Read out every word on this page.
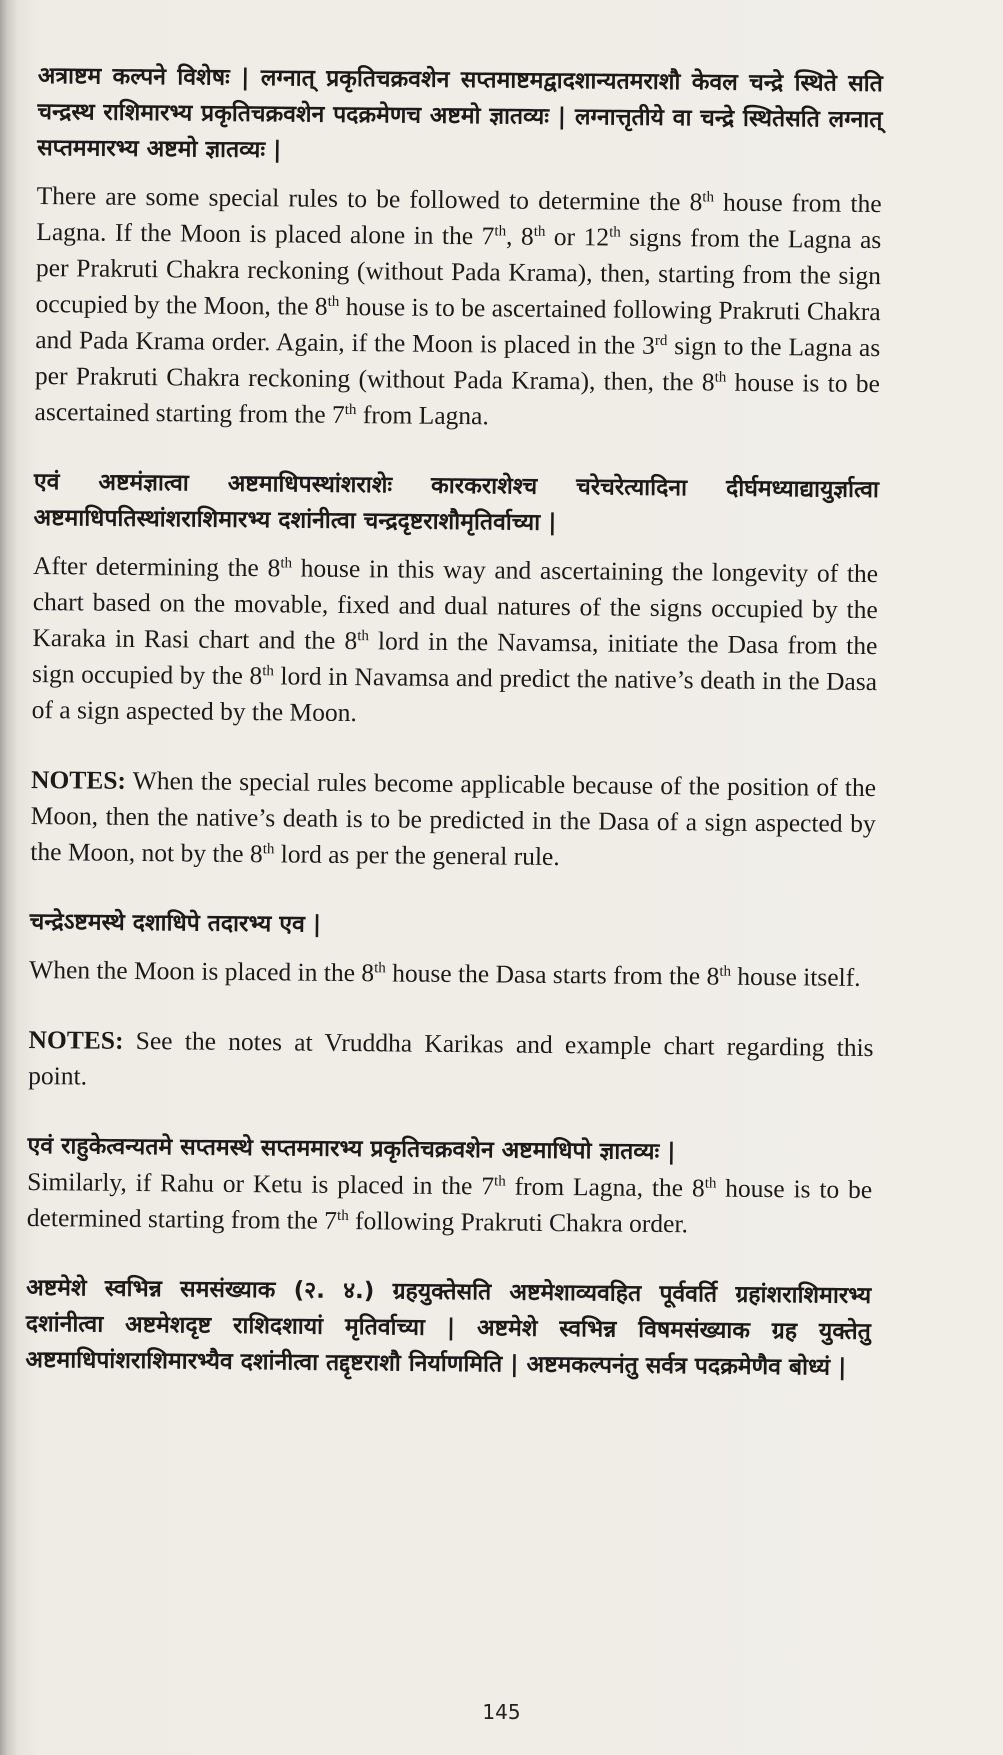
अत्राष्टम कल्पने विशेषः | लग्नात् प्रकृतिचक्रवशेन सप्तमाष्टमद्वादशान्यतमराशौ केवल चन्द्रे स्थिते सति चन्द्रस्थ राशिमारभ्य प्रकृतिचक्रवशेन पदक्रमेणच अष्टमो ज्ञातव्यः | लग्नात्तृतीये वा चन्द्रे स्थितेसति लग्नात् सप्तममारभ्य अष्टमो ज्ञातव्यः |

There are some special rules to be followed to determine the 8th house from the Lagna. If the Moon is placed alone in the 7th, 8th or 12th signs from the Lagna as per Prakruti Chakra reckoning (without Pada Krama), then, starting from the sign occupied by the Moon, the 8th house is to be ascertained following Prakruti Chakra and Pada Krama order. Again, if the Moon is placed in the 3rd sign to the Lagna as per Prakruti Chakra reckoning (without Pada Krama), then, the 8th house is to be ascertained starting from the 7th from Lagna.

एवं अष्टमंज्ञात्वा अष्टमाधिपस्थांशराशेः कारकराशेश्च चरेचरेत्यादिना दीर्घमध्याद्यायुर्ज्ञात्वा अष्टमाधिपतिस्थांशराशिमारभ्य दशांनीत्वा चन्द्रदृष्टराशौमृतिर्वाच्या |

After determining the 8th house in this way and ascertaining the longevity of the chart based on the movable, fixed and dual natures of the signs occupied by the Karaka in Rasi chart and the 8th lord in the Navamsa, initiate the Dasa from the sign occupied by the 8th lord in Navamsa and predict the native’s death in the Dasa of a sign aspected by the Moon.

NOTES: When the special rules become applicable because of the position of the Moon, then the native’s death is to be predicted in the Dasa of a sign aspected by the Moon, not by the 8th lord as per the general rule.

चन्द्रेऽष्टमस्थे दशाधिपे तदारभ्य एव |

When the Moon is placed in the 8th house the Dasa starts from the 8th house itself.

NOTES: See the notes at Vruddha Karikas and example chart regarding this point.

एवं राहुकेत्वन्यतमे सप्तमस्थे सप्तममारभ्य प्रकृतिचक्रवशेन अष्टमाधिपो ज्ञातव्यः |

Similarly, if Rahu or Ketu is placed in the 7th from Lagna, the 8th house is to be determined starting from the 7th following Prakruti Chakra order.

अष्टमेशे स्वभिन्न समसंख्याक (२. ४.) ग्रहयुक्तेसति अष्टमेशाव्यवहित पूर्ववर्ति ग्रहांशराशिमारभ्य दशांनीत्वा अष्टमेशदृष्ट राशिदशायां मृतिर्वाच्या | अष्टमेशे स्वभिन्न विषमसंख्याक ग्रह युक्तेतु अष्टमाधिपांशराशिमारभ्यैव दशांनीत्वा तद्दृष्टराशौ निर्याणमिति | अष्टमकल्पनंतु सर्वत्र पदक्रमेणैव बोध्यं |

145
